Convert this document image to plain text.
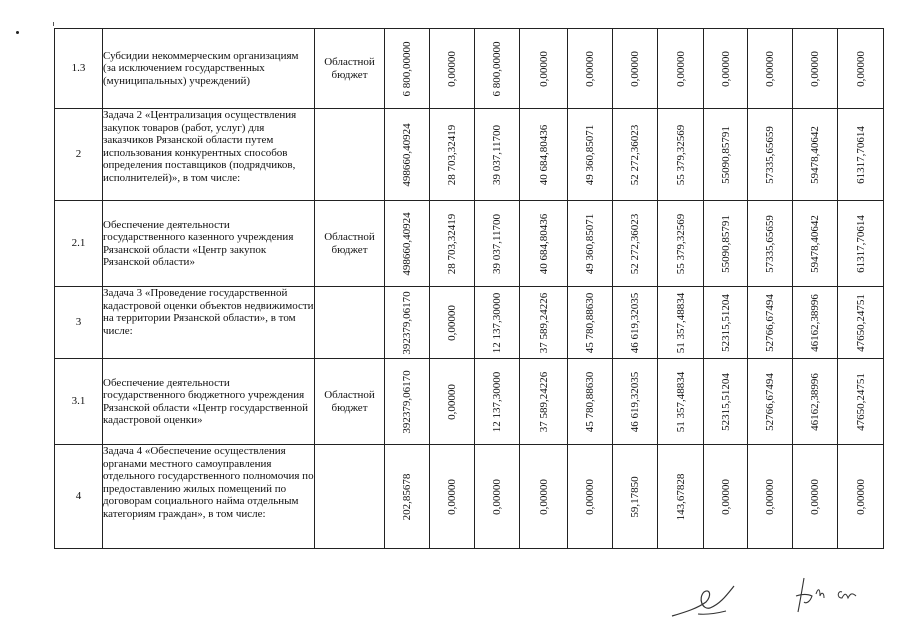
1.3	Субсидии некоммерческим организациям (за исключением государственных (муниципальных) учреждений)	Областной бюджет	6 800,00000	0,00000	6 800,00000	0,00000	0,00000	0,00000	0,00000	0,00000	0,00000	0,00000	0,00000

2	Задача 2 «Централизация осуществления закупок товаров (работ, услуг) для заказчиков Рязанской области путем использования конкурентных способов определения поставщиков (подрядчиков, исполнителей)», в том числе:		498660,40924	28 703,32419	39 037,11700	40 684,80436	49 360,85071	52 272,36023	55 379,32569	55090,85791	57335,65659	59478,40642	61317,70614

2.1	Обеспечение деятельности государственного казенного учреждения Рязанской области «Центр закупок Рязанской области»	Областной бюджет	498660,40924	28 703,32419	39 037,11700	40 684,80436	49 360,85071	52 272,36023	55 379,32569	55090,85791	57335,65659	59478,40642	61317,70614

3	Задача 3 «Проведение государственной кадастровой оценки объектов недвижимости на территории Рязанской области», в том числе:		392379,06170	0,00000	12 137,30000	37 589,24226	45 780,88630	46 619,32035	51 357,48834	52315,51204	52766,67494	46162,38996	47650,24751

3.1	Обеспечение деятельности государственного бюджетного учреждения Рязанской области «Центр государственной кадастровой оценки»	Областной бюджет	392379,06170	0,00000	12 137,30000	37 589,24226	45 780,88630	46 619,32035	51 357,48834	52315,51204	52766,67494	46162,38996	47650,24751

4	Задача 4 «Обеспечение осуществления органами местного самоуправления отдельного государственного полномочия по предоставлению жилых помещений по договорам социального найма отдельным категориям граждан», в том числе:		202,85678	0,00000	0,00000	0,00000	0,00000	59,17850	143,67828	0,00000	0,00000	0,00000	0,00000
